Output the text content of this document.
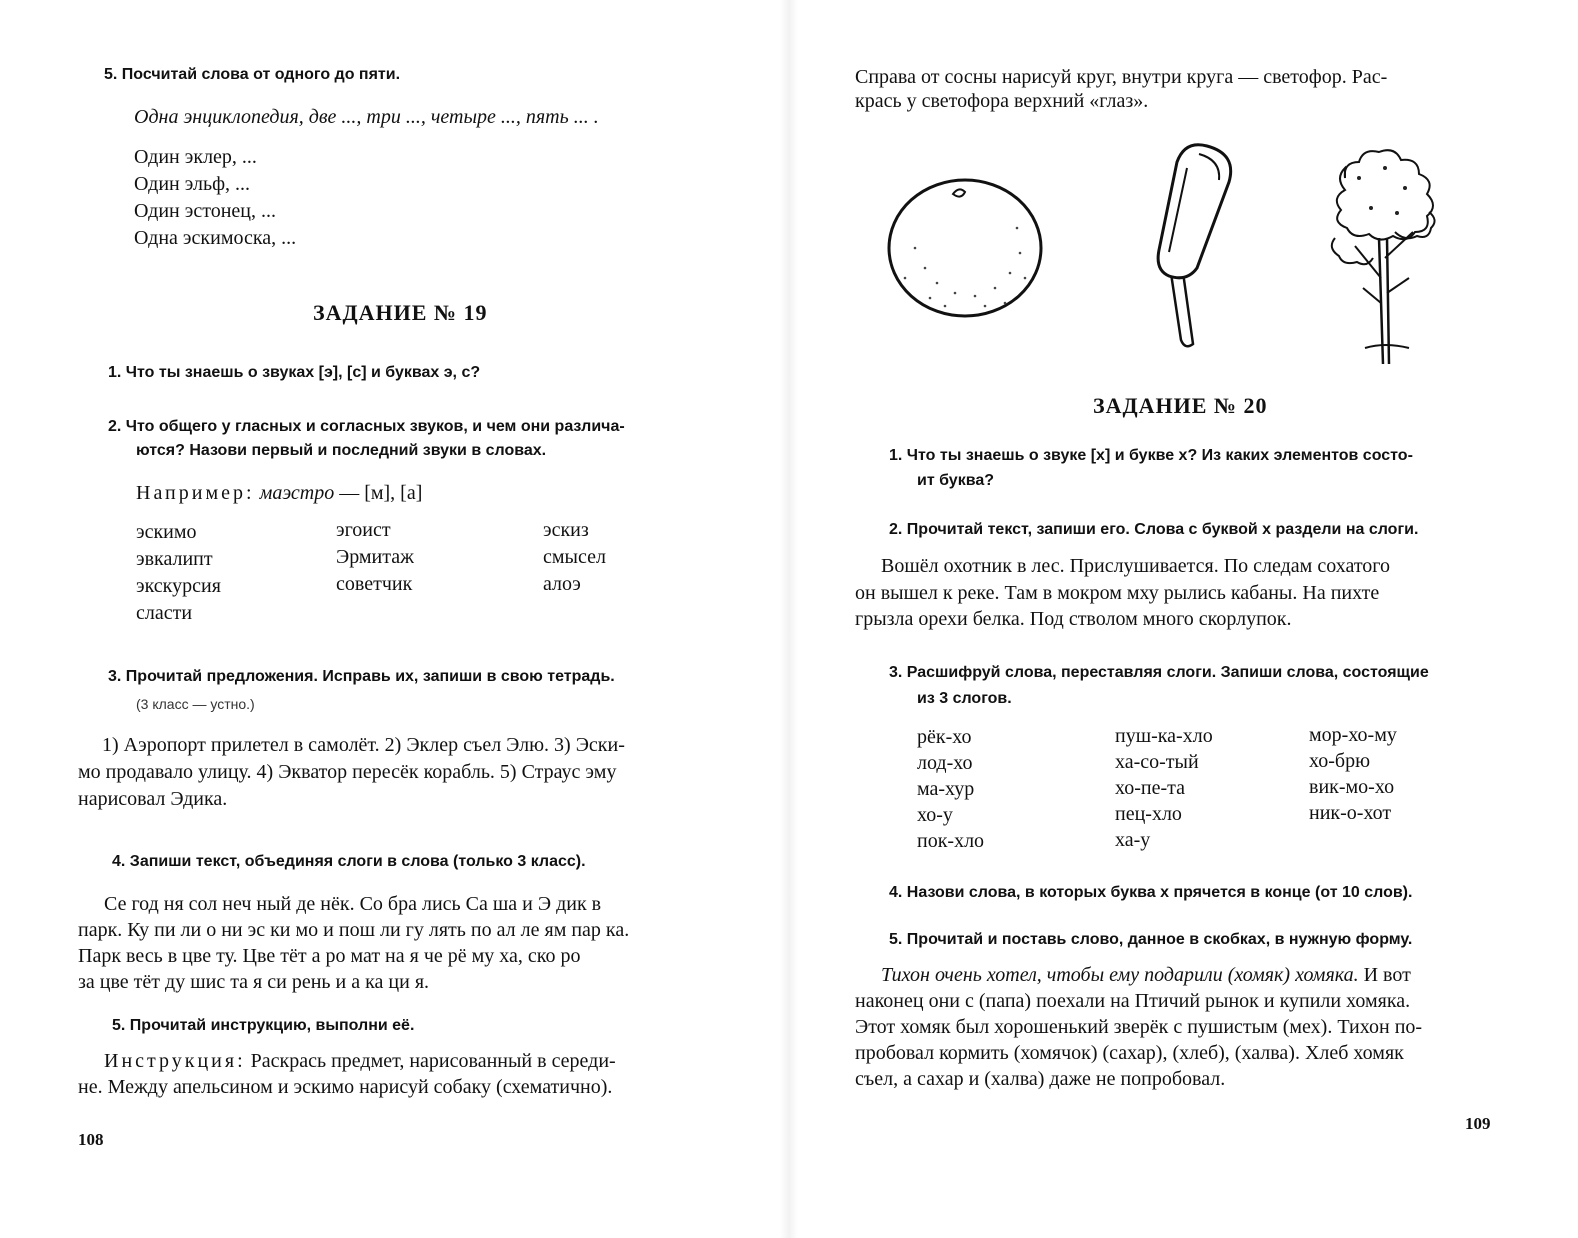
5. Посчитай слова от одного до пяти.
Одна энциклопедия, две ..., три ..., четыре ..., пять ... .
Один эклер, ...
Один эльф, ...
Один эстонец, ...
Одна эскимоска, ...
ЗАДАНИЕ № 19
1. Что ты знаешь о звуках [э], [с] и буквах э, с?
2. Что общего у гласных и согласных звуков, и чем они различа-
ются? Назови первый и последний звуки в словах.
Например: маэстро — [м], [а]
эскимо
эвкалипт
экскурсия
сласти
эгоист
Эрмитаж
советчик
эскиз
смысел
алоэ
3. Прочитай предложения. Исправь их, запиши в свою тетрадь.
(3 класс — устно.)
1) Аэропорт прилетел в самолёт. 2) Эклер съел Элю. 3) Эски-
мо продавало улицу. 4) Экватор пересёк корабль. 5) Страус эму
нарисовал Эдика.
4. Запиши текст, объединяя слоги в слова (только 3 класс).
Се год ня сол неч ный де нёк. Со бра лись Са ша и Э дик в
парк. Ку пи ли о ни эс ки мо и пош ли гу лять по ал ле ям пар ка.
Парк весь в цве ту. Цве тёт а ро мат на я че рё му ха, ско ро
за цве тёт ду шис та я си рень и а ка ци я.
5. Прочитай инструкцию, выполни её.
Инструкция: Раскрась предмет, нарисованный в середи-
не. Между апельсином и эскимо нарисуй собаку (схематично).
108
Справа от сосны нарисуй круг, внутри круга — светофор. Рас-
крась у светофора верхний «глаз».
ЗАДАНИЕ № 20
1. Что ты знаешь о звуке [х] и букве х? Из каких элементов состо-
ит буква?
2. Прочитай текст, запиши его. Слова с буквой х раздели на слоги.
Вошёл охотник в лес. Прислушивается. По следам сохатого
он вышел к реке. Там в мокром мху рылись кабаны. На пихте
грызла орехи белка. Под стволом много скорлупок.
3. Расшифруй слова, переставляя слоги. Запиши слова, состоящие
из 3 слогов.
рёк-хо
лод-хо
ма-хур
хо-у
пок-хло
пуш-ка-хло
ха-со-тый
хо-пе-та
пец-хло
ха-у
мор-хо-му
хо-брю
вик-мо-хо
ник-о-хот
4. Назови слова, в которых буква х прячется в конце (от 10 слов).
5. Прочитай и поставь слово, данное в скобках, в нужную форму.
Тихон очень хотел, чтобы ему подарили (хомяк) хомяка. И вот
наконец они с (папа) поехали на Птичий рынок и купили хомяка.
Этот хомяк был хорошенький зверёк с пушистым (мех). Тихон по-
пробовал кормить (хомячок) (сахар), (хлеб), (халва). Хлеб хомяк
съел, а сахар и (халва) даже не попробовал.
109
